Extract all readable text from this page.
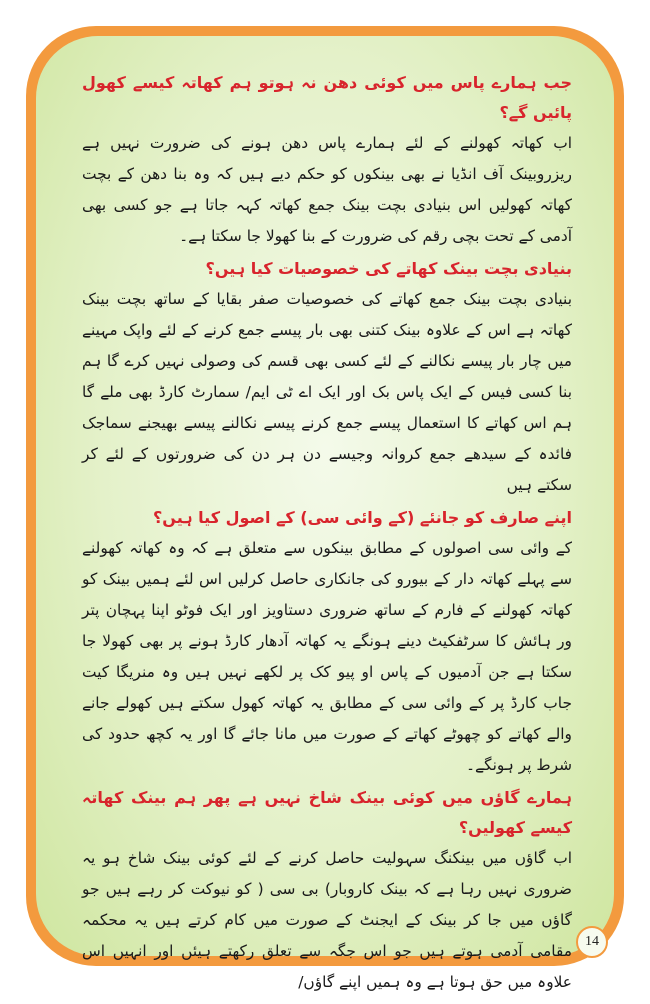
جب ہمارے پاس میں کوئی دھن نہ ہوتو ہم کھاتہ کیسے کھول پائیں گے؟

اب کھاتہ کھولنے کے لئے ہمارے پاس دھن ہونے کی ضرورت نہیں ہے ریزروبینک آف انڈیا نے بھی بینکوں کو حکم دیے ہیں کہ وہ بنا دھن کے بچت کھاتہ کھولیں اس بنیادی بچت بینک جمع کھاتہ کہہ جاتا ہے جو کسی بھی آدمی کے تحت بچی رقم کی ضرورت کے بنا کھولا جا سکتا ہے۔

بنیادی بچت بینک کھاتے کی خصوصیات کیا ہیں؟

بنیادی بچت بینک جمع کھاتے کی خصوصیات صفر بقایا کے ساتھ بچت بینک کھاتہ ہے اس کے علاوہ بینک کتنی بھی بار پیسے جمع کرنے کے لئے واپک مہینے میں چار بار پیسے نکالنے کے لئے کسی بھی قسم کی وصولی نہیں کرے گا ہم بنا کسی فیس کے ایک پاس بک اور ایک اے ٹی ایم/ سمارٹ کارڈ بھی ملے گا ہم اس کھاتے کا استعمال پیسے جمع کرنے پیسے نکالنے پیسے بھیجنے سماجک فائدہ کے سیدھے جمع کروانہ وجیسے دن ہر دن کی ضرورتوں کے لئے کر سکتے ہیں

اپنے صارف کو جانئے (کے وائی سی) کے اصول کیا ہیں؟

کے وائی سی اصولوں کے مطابق بینکوں سے متعلق ہے کہ وہ کھاتہ کھولنے سے پہلے کھاتہ دار کے بیورو کی جانکاری حاصل کرلیں اس لئے ہمیں بینک کو کھاتہ کھولنے کے فارم کے ساتھ ضروری دستاویز اور ایک فوٹو اپنا پہچان پتر ور ہائش کا سرٹفکیٹ دینے ہونگے یہ کھاتہ آدھار کارڈ ہونے پر بھی کھولا جا سکتا ہے جن آدمیوں کے پاس او پیو کک پر لکھے نہیں ہیں وہ منریگا کیت جاب کارڈ پر کے وائی سی کے مطابق یہ کھاتہ کھول سکتے ہیں کھولے جانے والے کھاتے کو چھوٹے کھاتے کے صورت میں مانا جائے گا اور یہ کچھ حدود کی شرط پر ہونگے۔

ہمارے گاؤں میں کوئی بینک شاخ نہیں ہے پھر ہم بینک کھاتہ کیسے کھولیں؟

اب گاؤں میں بینکنگ سہولیت حاصل کرنے کے لئے کوئی بینک شاخ ہو یہ ضروری نہیں رہا ہے کہ بینک کاروبار) بی سی ( کو نیوکت کر رہے ہیں جو گاؤں میں جا کر بینک کے ایجنٹ کے صورت میں کام کرتے ہیں یہ محکمہ مقامی آدمی ہوتے ہیں جو اس جگہ سے تعلق رکھتے ہیئں اور انہیں اس علاوہ میں حق ہوتا ہے وہ ہمیں اپنے گاؤں/

14
